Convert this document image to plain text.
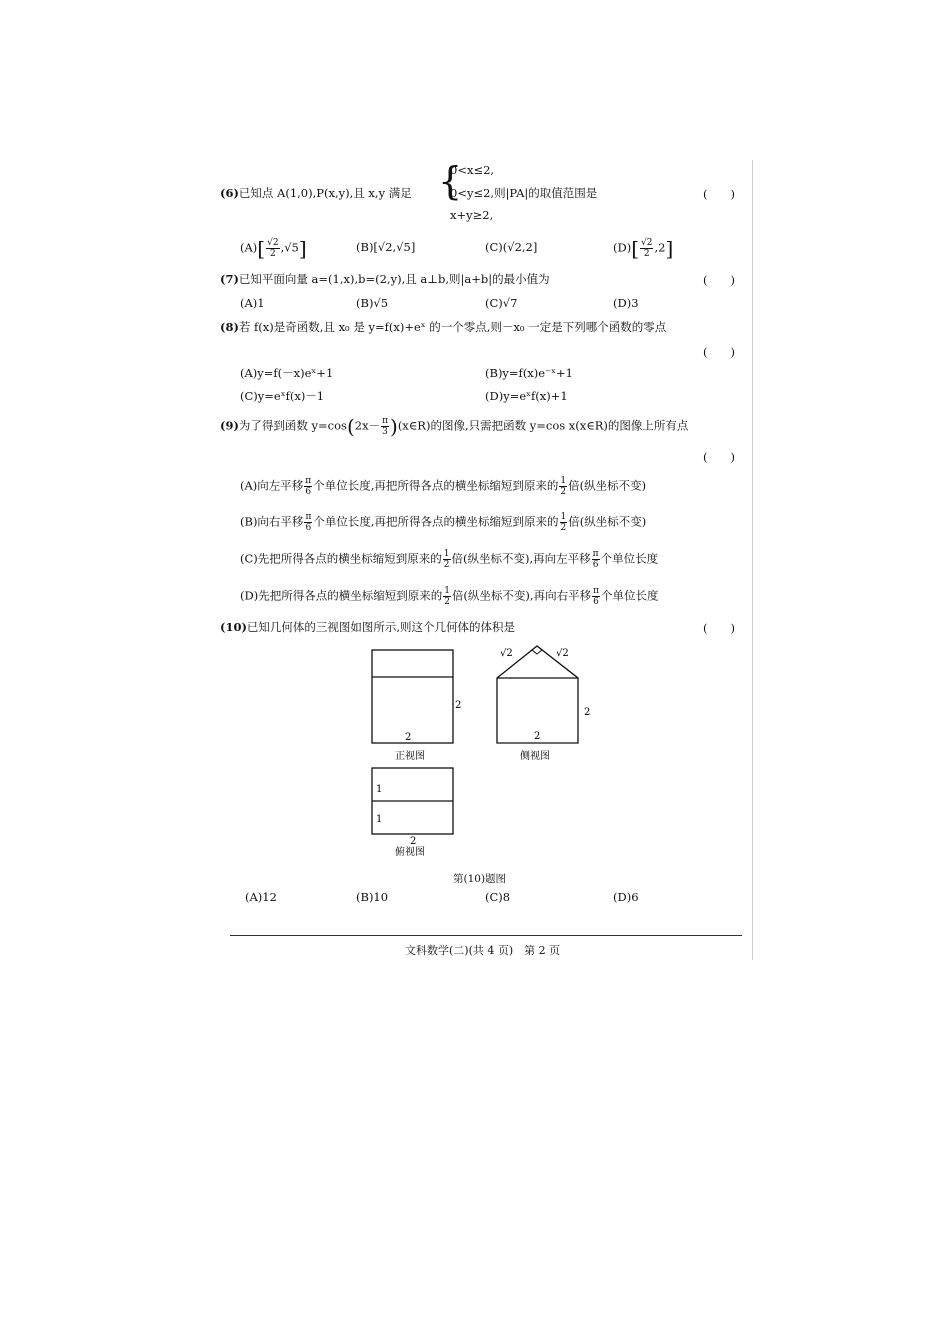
(6)已知点 A(1,0),P(x,y),且 x,y 满足 {
0<x≤2,
0<y≤2,则|PA|的取值范围是
x+y≥2,
(　　)
$(A)[ \frac{√2}{2} ,√5]$	(B)[√2,√5]	(C)(√2,2]	$(D)[ \frac{√2}{2} ,2]$
(7)已知平面向量 a=(1,x),b=(2,y),且 a⊥b,则|a+b|的最小值为	(　　)
(A)1	(B)√5	(C)√7	(D)3
(8)若 f(x)是奇函数,且 x₀ 是 y=f(x)+eˣ 的一个零点,则－x₀ 一定是下列哪个函数的零点
(　　)
(A)y=f(－x)eˣ+1	(B)y=f(x)e⁻ˣ+1
(C)y=eˣf(x)－1	(D)y=eˣf(x)+1
(9)为了得到函数 $y=\cos(2x- \frac{\pi}{3}$ )(x∈R)的图像,只需把函数 y=cos x(x∈R)的图像上所有点
(　　)
(A)向左平移 $\frac{\pi}{6}$ 个单位长度,再把所得各点的横坐标缩短到原来的 $\frac{1}{2}$ 倍(纵坐标不变)
(B)向右平移 $\frac{\pi}{6}$ 个单位长度,再把所得各点的横坐标缩短到原来的 $\frac{1}{2}$ 倍(纵坐标不变)
(C)先把所得各点的横坐标缩短到原来的 $\frac{1}{2}$ 倍(纵坐标不变),再向左平移 $\frac{\pi}{6}$ 个单位长度
(D)先把所得各点的横坐标缩短到原来的 $\frac{1}{2}$ 倍(纵坐标不变),再向右平移 $\frac{\pi}{6}$ 个单位长度
(10)已知几何体的三视图如图所示,则这个几何体的体积是	(　　)
2
2
正视图
√2	√2
2
2
侧视图
1
1
2
俯视图
第(10)题图
(A)12	(B)10	(C)8	(D)6
文科数学(二)(共 4 页)　第 2 页
